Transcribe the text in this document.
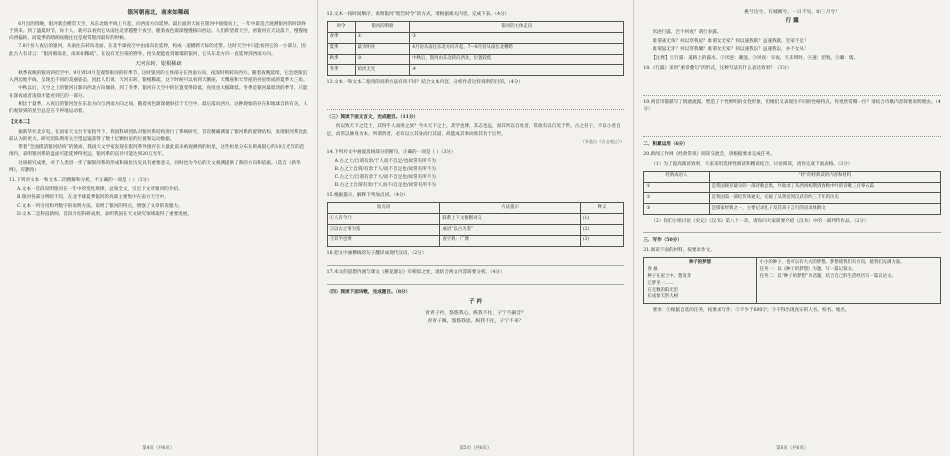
银河朝南北，南来如稀疏

6月出的傍晚，银河就会横贯天空，从东北地平线上升起，向西南方向延伸。最后面的天际在银河中缓缓向上，一年中最适合观测银河的时段终于到来。到了盛夏时节，每个人，就可以看到它从南往北穿越整个夜空，随着夜色渐深慢慢移向西边。人们仰望着天空，看银河在天边落下，慢慢地向西偏转，而夏季的晴朗夜晚往往是观赏银河最好的时候。

7.8月份人夜后的银河，从南往东转向北面，在北半球夜空中由南向北延伸，构成一道横跨天际的光带。这时天空中只能看到它的一小部分，因此古人有诗云：“银河朝南北，南来如稀疏”。在没有光污染的野外，抬头便能看到璀璨的银河，它从东北方向一直延伸到西南方向。

天河东转，银根稀疏

秋季夜晚的银河斜挂空中。9月到10月是观察银河的好季节，这时银河的主体部分在西南方向，夜深时则转向西方。随着夜晚延续，它会逐渐沉入西边地平线，呈现出不同的美丽姿态，因此人们说：天河东转，银根稀疏。这个时候可以看到天鹅座、天鹰座和天琴座的亮星组成的夏季大三角。

中秋以后，天空之上的银河日渐向西北方向倾斜，到了冬季，银河在天空中的位置变得较低，亮度也大幅降低。冬季是银河最暗淡的季节，只能在深夜或者凌晨才能看到它的一部分。

相比于夏季，入夜后的银河处在东北方向与西南方向之间，随着夜色渐深便斜挂于天空中，最后落向西方。这种现象的存在和地球自转有关，人们观察到的星空总是在不停地运动着。

【文本二】

据新华社北京电，在国家天文台专家指导下，我国科研团队对银河系结构进行了系统研究，首次精确测量了银河系的旋臂结构，发现银河系比此前认为的更大。研究团队利用太空望远镜获得了数十亿颗恒星的位置和运动数据。

带着“全面摸清银河结构”的使命，我国天文学家发现在银河系外围存在大量此前未被观测到的恒星，这些恒星分布在距离银心约10万光年的范围内，表明银河系的盘面可能延伸得更远，银河系的直径可能达到20万光年。

这项研究成果，对于人类进一步了解银河系的形成和演化历史具有重要意义，同时也为今后的天文观测提供了新的方向和依据。（选自《新华网》，有删改）

11.下列对文本一和文本二的理解和分析，不正确的一项是（ ）（3分）
A.文本一首段说明银河在一年中的变化规律，总领全文，引出下文对银河的介绍。
B.银河各部分明暗不均，在北半球夏季银河的亮部主要集中在南方天空中。
C.文本一用引用和列数字的说明方法，说明了银河的特点，增强了文章的说服力。
D.文本二是科技新闻，首段介绍科研成果，表明我国在天文研究领域取得了重要进展。
第4页（共6页）
12.文本一按时间顺序，说明银河“昭告时令”的方式，请根据相关内容，完成下表。（4分）
时令	银河的明暗	银河的主体走向
春季	①	②
夏季	最为明亮	4月份从南往东北方向升起，7—8月份从南往北横跨
秋季	③	中秋后，银河由东北转向西北，位置较低
冬季	暗淡无光	④
13.文本一和文本二使用的说明方法有何不同？结合文本内容，分析作者这样说明的目的。（4分）
（三）阅读下面文言文，完成题目。（11分）

何以致天下之佳士，其得乎人而用之欤？今夫天下之士，其学也博，其志也远，而其所以自处者，常欲有以自见于世。古之君子，不以小善自足，而常以修身为本。所谓贤者，必有以立其身而行其道，故能成其事而垂其名于后世。

（节选自《古文观止》）
14.下列对文中画波浪线部分的断句，正确的一项是（ ）（3分）
A.古之士/自谓有余/于人而不自足/也故常有所不为
B.古之士自谓/有余于人/而不自足也/故常有所不为
C.古之士/自谓有余于人/而不自足也/故常有所不为
D.古之士自谓有余/于人而不/自足也/故常有所不为
15.根据提示，解释下列加点词。（4分）
加点词	方法提示	释义
①人有今乃	联系上下文推断词义	(1)
②以古之事为鉴	成语“以古为鉴”	(2)
③其学也博	查字典：广博	(3)
16.把文中画横线的句子翻译成现代汉语。（2分）
17.本文的思想内涵与课文《桃花源记》有相似之处，请结合两文内容简要分析。（4分）
（四）阅读下面诗歌，完成题目。（8分）
子 衿
青青子衿，悠悠我心。纵我不往，子宁不嗣音？
青青子佩，悠悠我思。纵我不往，子宁不来？
第5页（共6页）
挑兮达兮，在城阙兮。一日不见，如三月兮！
行 露

厌浥行露，岂不夙夜？谓行多露。

谁谓雀无角？何以穿我屋？谁谓女无家？何以速我狱？虽速我狱，室家不足！

谁谓鼠无牙？何以穿我墉？谁谓女无家？何以速我讼？虽速我讼，亦不女从！

【注释】①行露：道路上的露水。②厌浥：潮湿。③夙夜：早夜，天未明时。④速：招致。⑤墉：墙。
18.《行露》采用“重章叠句”的形式，这种写法有什么表达效果？（3分）
19.两首诗都描写了情感流露，塑造了个性鲜明的女性形象，但她们又表现出不同的性格特点。你更欣赏哪一位？请结合诗歌内容简要说明理由。（4分）
二、积累运用（6分）
20.新闻工作网《经典常谈》阅读交流会，请根据要求完成任务。
（1）为了提高阅读效果，大家采用选择性阅读和精读结合，讨论阅读，请你完成下面表格。（3分）
经典成语人	“经”的经典读的内容和材料
①	是我国现存最早的一部诗歌总集，共收录了从西周初期到春秋中叶的诗歌三百零五篇
②	是我国第一部纪传体通史，记载了从黄帝到汉武帝约三千年的历史
③	是儒家经典之一，主要记录孔子及其弟子言行的语录体散文
（2）你们小组讨论《史记》《汉书》第八十一章，请你向大家简要介绍《汉书》中的一部列传作品。（2分）
三、写作（50分）
21.阅读下面的材料，按要求作文。
种子的梦想
春 福
种子在泥土中，想发芽
它梦见一……
在无数的阳光里
长成参天的大树
小小的种子，也可以有大大的梦想。梦想使我们有方向，使我们充满力量。
任务一：以《种子的梦想》为题，写一篇记叙文。
任务二：以“种子的梦想”为话题，结合自己的生活经历写一篇议论文。

要求：①根据自选的任务，按要求写作；②不少于600字；③不得出现真实的人名、校名、地名。

第6页（共6页）
